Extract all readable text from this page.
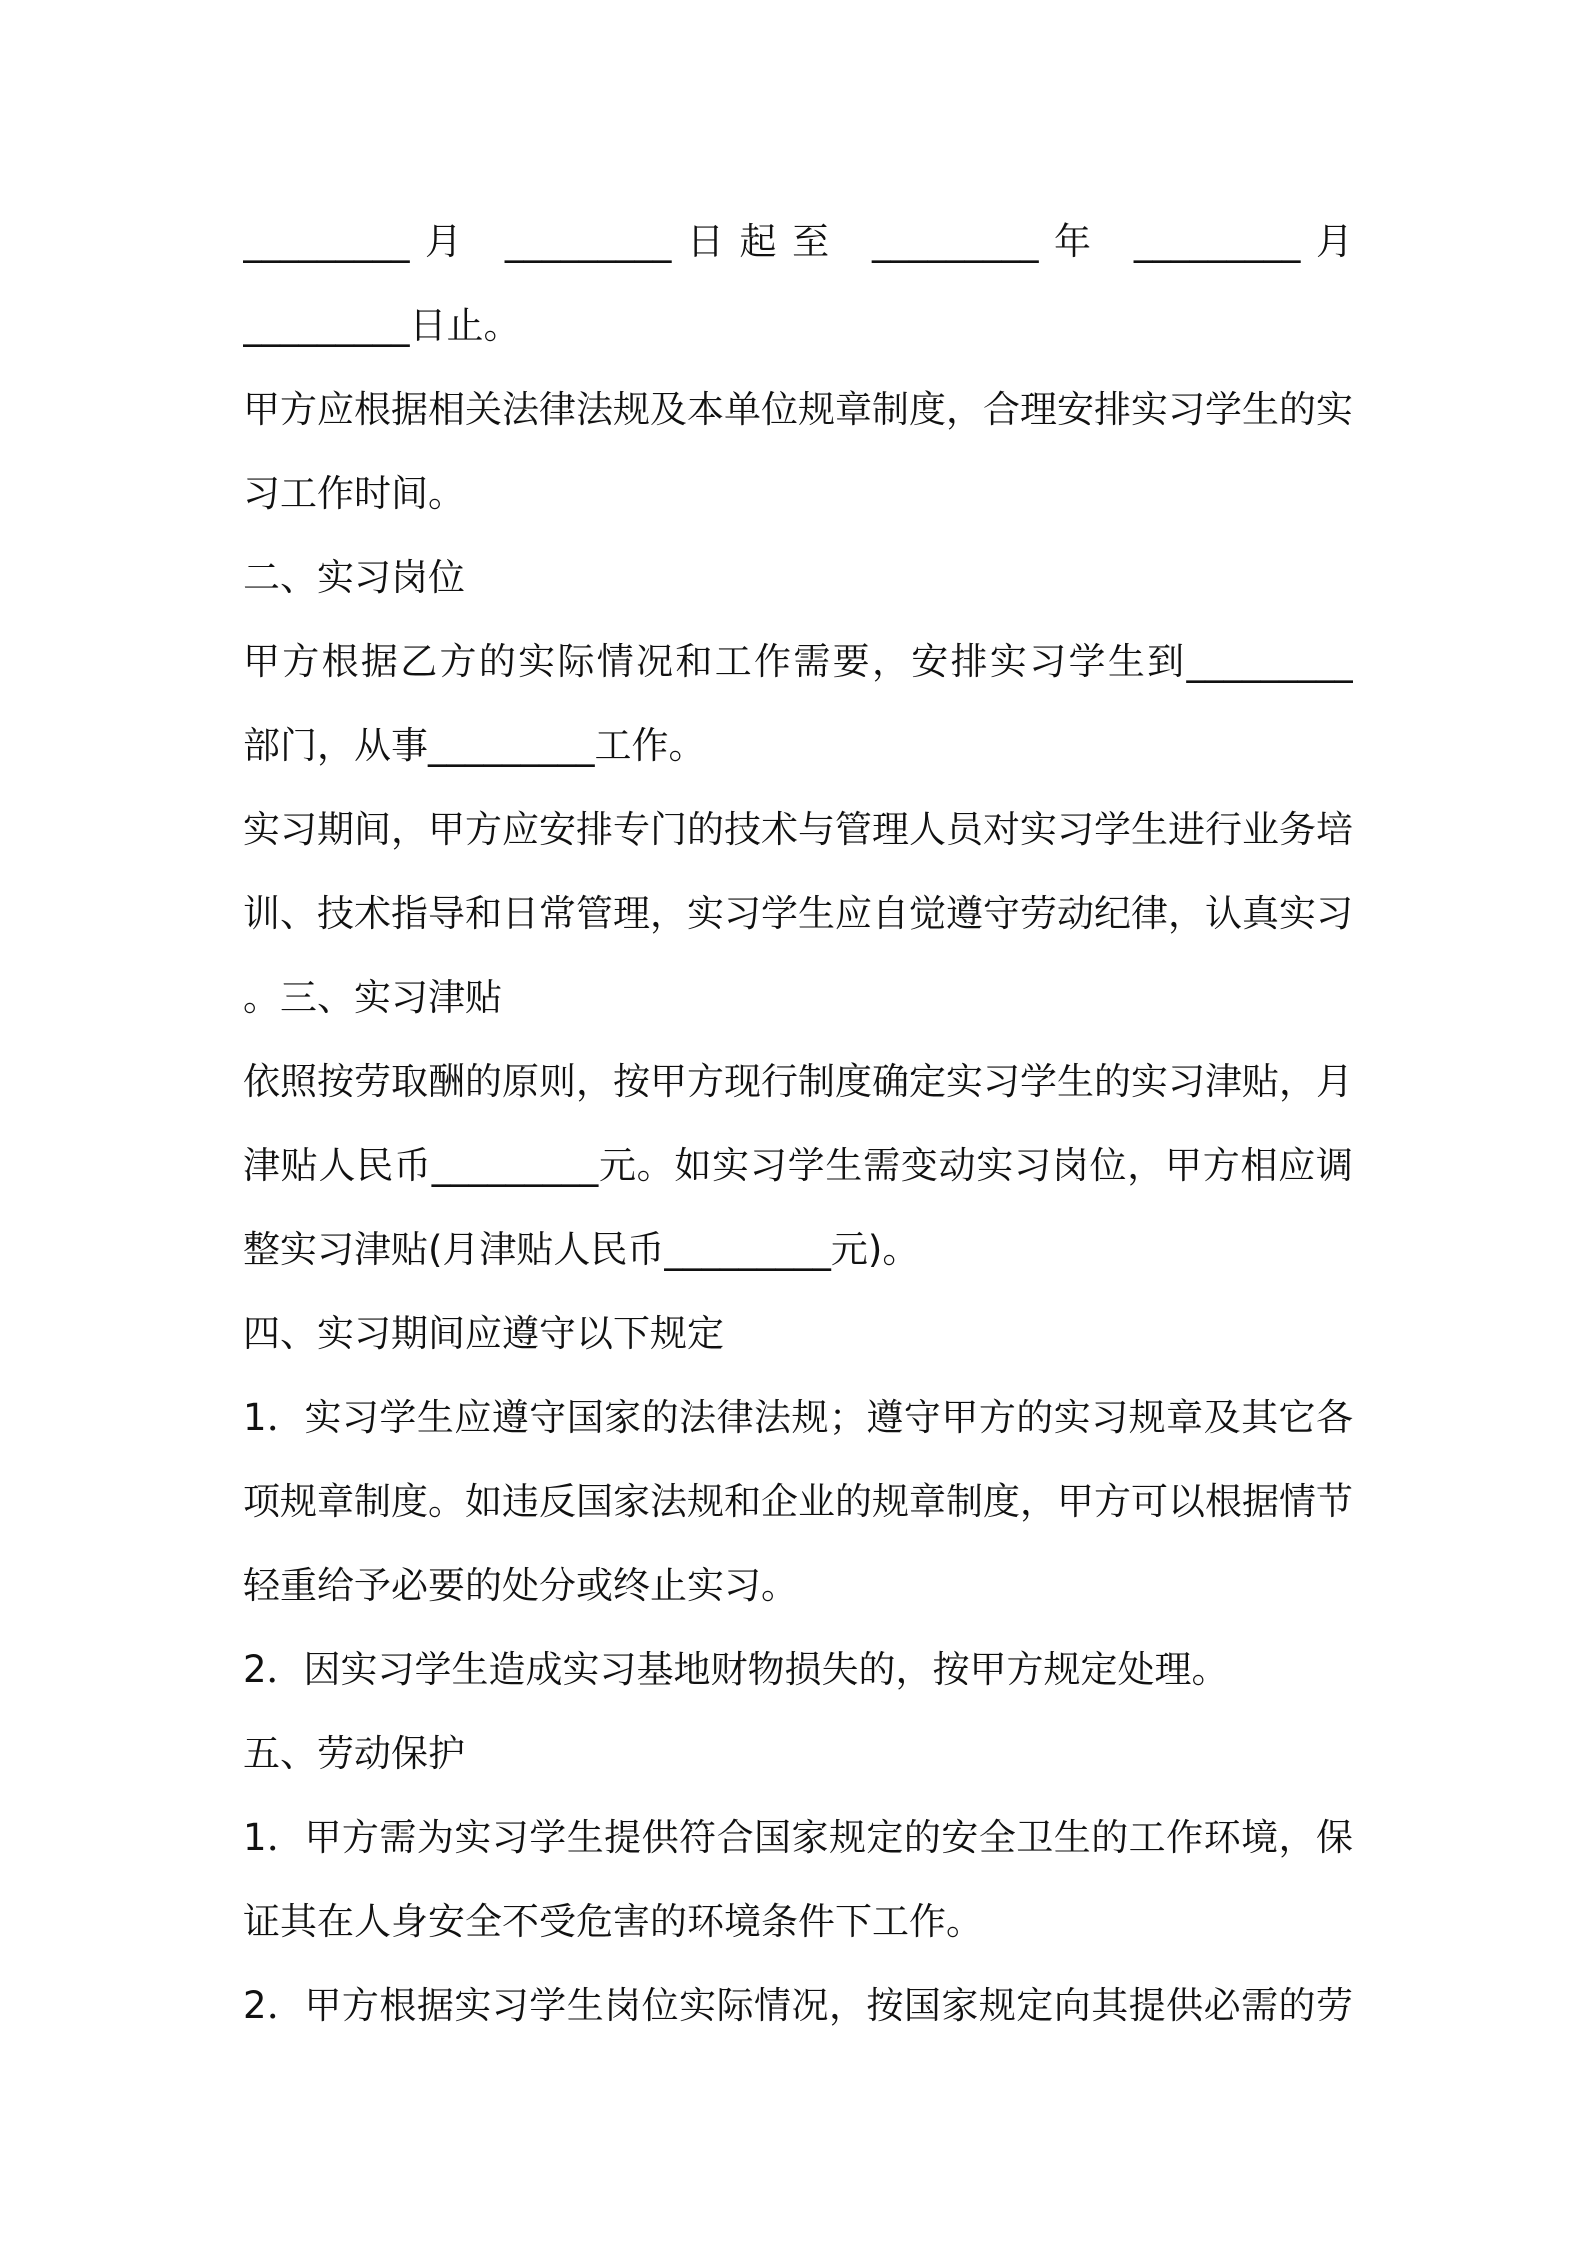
_________月 _________日起至 _________年 _________月
_________日止。
甲方应根据相关法律法规及本单位规章制度，合理安排实习学生的实
习工作时间。
二、实习岗位
甲方根据乙方的实际情况和工作需要，安排实习学生到_________
部门，从事_________工作。
实习期间，甲方应安排专门的技术与管理人员对实习学生进行业务培
训、技术指导和日常管理，实习学生应自觉遵守劳动纪律，认真实习
。三、实习津贴
依照按劳取酬的原则，按甲方现行制度确定实习学生的实习津贴，月
津贴人民币_________元。如实习学生需变动实习岗位，甲方相应调
整实习津贴(月津贴人民币_________元)。
四、实习期间应遵守以下规定
1．实习学生应遵守国家的法律法规；遵守甲方的实习规章及其它各
项规章制度。如违反国家法规和企业的规章制度，甲方可以根据情节
轻重给予必要的处分或终止实习。
2．因实习学生造成实习基地财物损失的，按甲方规定处理。
五、劳动保护
1．甲方需为实习学生提供符合国家规定的安全卫生的工作环境，保
证其在人身安全不受危害的环境条件下工作。
2．甲方根据实习学生岗位实际情况，按国家规定向其提供必需的劳
